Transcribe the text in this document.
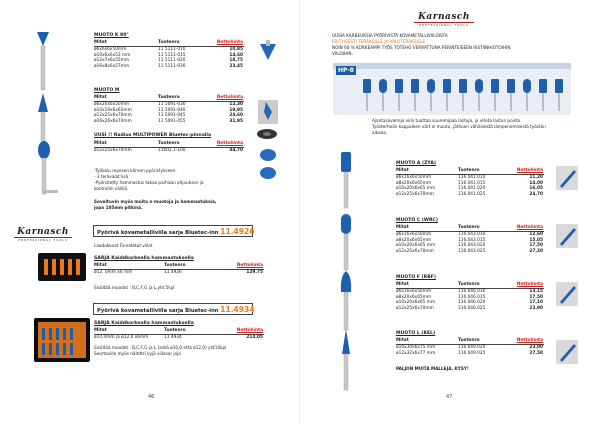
MUOTO K 90°
Mitat	Tuotenro	Nettohinta
ø6x6x6x50mm	11 5111-010	10,85
ø10x6x6x53 mm	11 5111-015	14,60
ø12x7x6x55mm	11 5111-020	18,75
ø16x8x6x57mm	11 5111-030	23,45
MUOTO M
Mitat	Tuotenro	Nettohinta
ø6x20x6x50mm	11 5091-030	12,30
ø10x19x6x65mm	11 5091-040	19,95
ø12x25x6x70mm	11 5091-045	24,60
ø16x26x6x74mm	11 5091-055	31,95
UUSI !! Radius MULTIPOWER Bluetec-pinnalla
Mitat	Tuotenro	Nettohinta
ø12x25x6x70mm	11602 1-100	44,70
-Työkalu reposen kärnen pyöristykseen.
- 3 terävalat lisä
-Pyöristetty hammastus takaa parhaan ohjauksen ja
kontrollin välillä.
Soveltuvin myös muita n muotoja ja hammastuksia,
jopa 105mm pitkinä.
Karnasch
PROFESSIONAL TOOLS
Pyörivä kovametalliviila sarja Bluetec-inn 11.4926
Laadukkaat Finnatetut viilat
SARJA Kaiddkorkealla hammastuksella
Mitat	Tuotenro	Nettohinta
ø12, 0mm x6 mm	11 4926	129,75
Sisältää muodot : B,C,F,G ja L,yht 5kpl
Pyörivä kovametalliviila sarja Bluetec-inn 11.4934
SARJA Kaiddkorkealla hammastuksella
Mitat	Tuotenro	Nettohinta
ø10,0mm ja ø12,0 x6mm	11 4934	214,05
Sisältää muodot : B,C,F,G ja L (sekä ø10,0 että ø12,0) yht10kpl
Seortavilla myös näitdtsi kyjä viilasar joja
46
Karnasch
PROFESSIONAL TOOLS
UUSIA KARBEUKSIA PYÖRIVISTÄ KOVAMETALLIVIILOISTA
ERITYISESTI TERÄKSILLE JA VALUTERÄKSILLE
NOIN 60 % KORKEAMPI TYÖS TOTEHO VERRATTUNA PERINTEISEEN RISTIINHIOTOIHIN
VIILOIHIN.
HP-8
Ajantasavalmpi viila tuottaa suuremipaa lastuja, ja viteta lastun poisto.
Työsterheän kappaleen värt ei muutu, jöhtuen vähäisestä lämpenemisestä työstön
aikana.
MUOTO A (ZYA)
Mitat	Tuotenro	Nettohinta
ø6x16x6x50mm	116.041.010	11,20
ø8x20x6x65mm	116.041.015	14,00
ø10x20x6x65 mm	116.041.020	16,05
ø12x25x6x70mm	116.041.025	24,70
MUOTO C (WRC)
Mitat	Tuotenro	Nettohinta
ø6x16x6x50mm	116.043.010	12,60
ø8x20x6x65mm	116.043.015	15,05
ø10x20x6x65 mm	116.043.020	17,50
ø12x25x6x70mm	116.043.025	27,20
MUOTO F (RBF)
Mitat	Tuotenro	Nettohinta
ø6x16x6x50mm	116.046.010	13,15
ø8x20x6x65mm	116.046.015	17,50
ø10x20x6x65 mm	116.046.020	17,10
ø12x25x6x70mm	116.046.025	23,90
MUOTO L (KEL)
Mitat	Tuotenro	Nettohinta
ø10x30x6x75 mm	116.049.020	23,00
ø12x32x6x77 mm	116.049.025	27,50
PALJON MUITA MALLEJA, KYSY!
47
